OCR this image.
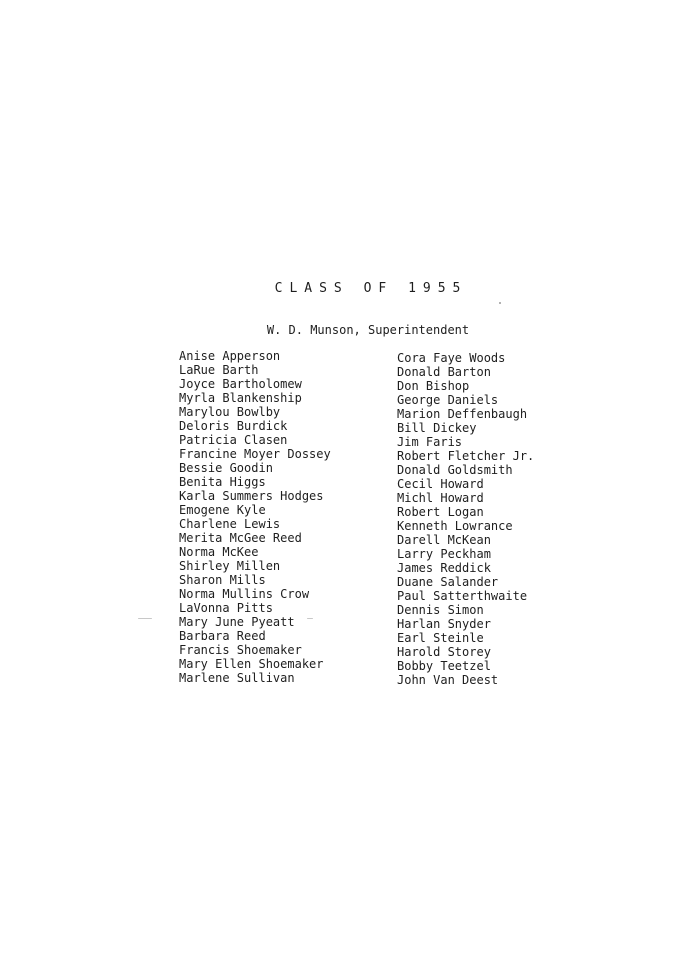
CLASS OF 1955
W. D. Munson, Superintendent
Anise Apperson
LaRue Barth
Joyce Bartholomew
Myrla Blankenship
Marylou Bowlby
Deloris Burdick
Patricia Clasen
Francine Moyer Dossey
Bessie Goodin
Benita Higgs
Karla Summers Hodges
Emogene Kyle
Charlene Lewis
Merita McGee Reed
Norma McKee
Shirley Millen
Sharon Mills
Norma Mullins Crow
LaVonna Pitts
Mary June Pyeatt
Barbara Reed
Francis Shoemaker
Mary Ellen Shoemaker
Marlene Sullivan
Cora Faye Woods
Donald Barton
Don Bishop
George Daniels
Marion Deffenbaugh
Bill Dickey
Jim Faris
Robert Fletcher Jr.
Donald Goldsmith
Cecil Howard
Michl Howard
Robert Logan
Kenneth Lowrance
Darell McKean
Larry Peckham
James Reddick
Duane Salander
Paul Satterthwaite
Dennis Simon
Harlan Snyder
Earl Steinle
Harold Storey
Bobby Teetzel
John Van Deest
